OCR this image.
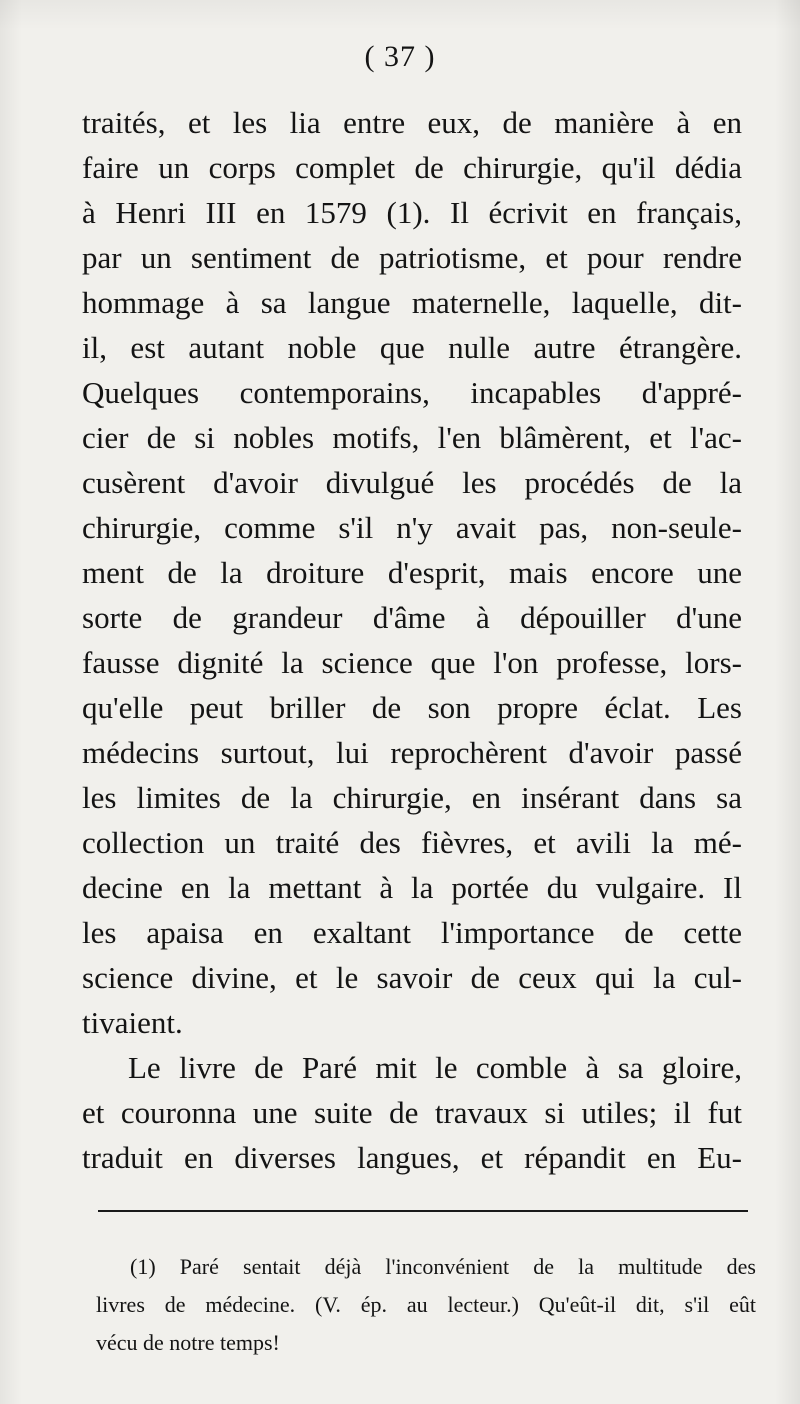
( 37 )
traités, et les lia entre eux, de manière à en
faire un corps complet de chirurgie, qu'il dédia
à Henri III en 1579 (1). Il écrivit en français,
par un sentiment de patriotisme, et pour rendre
hommage à sa langue maternelle, laquelle, dit-
il, est autant noble que nulle autre étrangère.
Quelques contemporains, incapables d'appré-
cier de si nobles motifs, l'en blâmèrent, et l'ac-
cusèrent d'avoir divulgué les procédés de la
chirurgie, comme s'il n'y avait pas, non-seule-
ment de la droiture d'esprit, mais encore une
sorte de grandeur d'âme à dépouiller d'une
fausse dignité la science que l'on professe, lors-
qu'elle peut briller de son propre éclat. Les
médecins surtout, lui reprochèrent d'avoir passé
les limites de la chirurgie, en insérant dans sa
collection un traité des fièvres, et avili la mé-
decine en la mettant à la portée du vulgaire. Il
les apaisa en exaltant l'importance de cette
science divine, et le savoir de ceux qui la cul-
tivaient.
Le livre de Paré mit le comble à sa gloire,
et couronna une suite de travaux si utiles; il fut
traduit en diverses langues, et répandit en Eu-
(1) Paré sentait déjà l'inconvénient de la multitude des
livres de médecine. (V. ép. au lecteur.) Qu'eût-il dit, s'il eût
vécu de notre temps!
